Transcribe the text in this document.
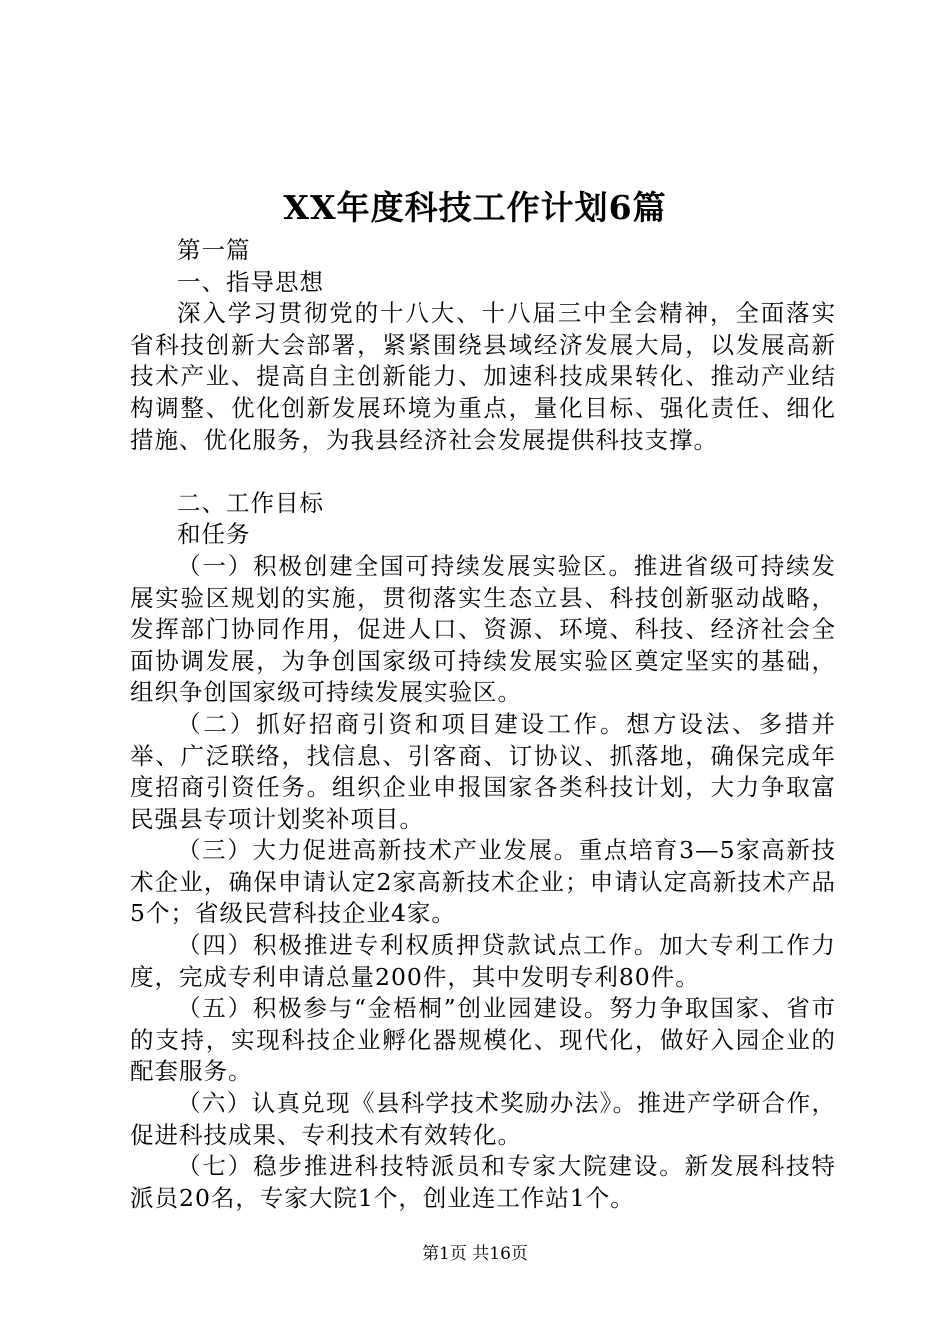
XX年度科技工作计划6篇

第一篇

一、指导思想

深入学习贯彻党的十八大、十八届三中全会精神，全面落实省科技创新大会部署，紧紧围绕县域经济发展大局，以发展高新技术产业、提高自主创新能力、加速科技成果转化、推动产业结构调整、优化创新发展环境为重点，量化目标、强化责任、细化措施、优化服务，为我县经济社会发展提供科技支撑。

二、工作目标

和任务

（一）积极创建全国可持续发展实验区。推进省级可持续发展实验区规划的实施，贯彻落实生态立县、科技创新驱动战略，发挥部门协同作用，促进人口、资源、环境、科技、经济社会全面协调发展，为争创国家级可持续发展实验区奠定坚实的基础，组织争创国家级可持续发展实验区。

（二）抓好招商引资和项目建设工作。想方设法、多措并举、广泛联络，找信息、引客商、订协议、抓落地，确保完成年度招商引资任务。组织企业申报国家各类科技计划，大力争取富民强县专项计划奖补项目。

（三）大力促进高新技术产业发展。重点培育3—5家高新技术企业，确保申请认定2家高新技术企业；申请认定高新技术产品5个；省级民营科技企业4家。

（四）积极推进专利权质押贷款试点工作。加大专利工作力度，完成专利申请总量200件，其中发明专利80件。

（五）积极参与“金梧桐”创业园建设。努力争取国家、省市的支持，实现科技企业孵化器规模化、现代化，做好入园企业的配套服务。

（六）认真兑现《县科学技术奖励办法》。推进产学研合作，促进科技成果、专利技术有效转化。

（七）稳步推进科技特派员和专家大院建设。新发展科技特派员20名，专家大院1个，创业连工作站1个。

第1页 共16页
